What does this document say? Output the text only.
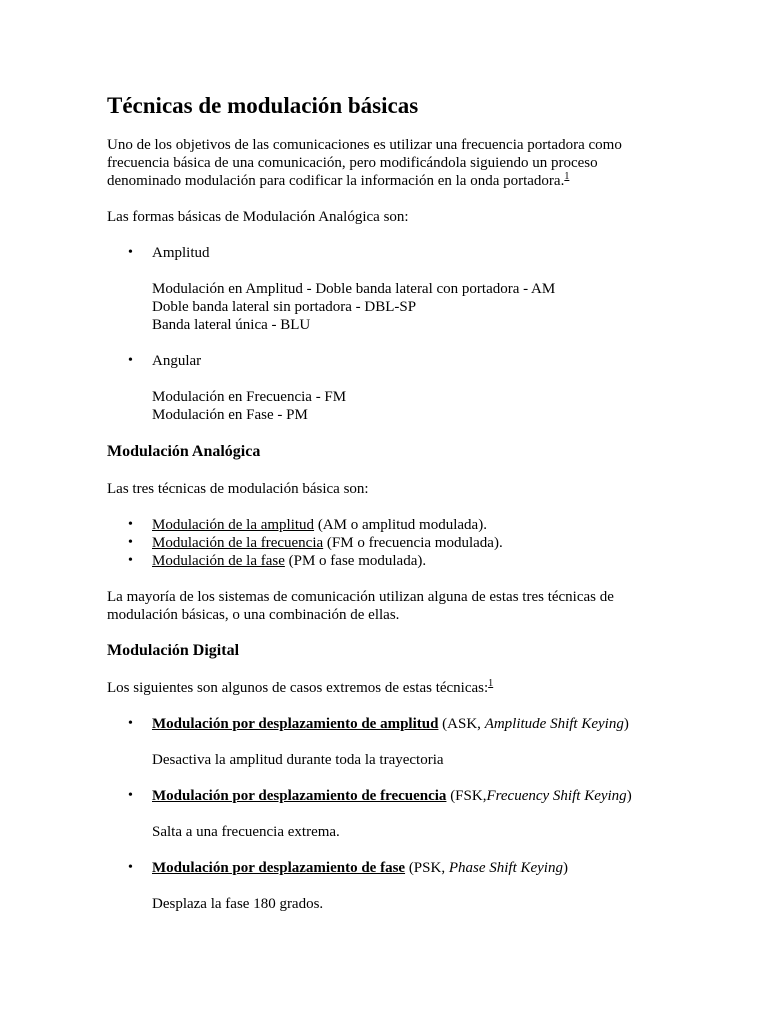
Técnicas de modulación básicas
Uno de los objetivos de las comunicaciones es utilizar una frecuencia portadora como
frecuencia básica de una comunicación, pero modificándola siguiendo un proceso
denominado modulación para codificar la información en la onda portadora.$^1$
Las formas básicas de Modulación Analógica son:
• Amplitud
Modulación en Amplitud - Doble banda lateral con portadora - AM
Doble banda lateral sin portadora - DBL-SP
Banda lateral única - BLU
• Angular
Modulación en Frecuencia - FM
Modulación en Fase - PM
Modulación Analógica
Las tres técnicas de modulación básica son:
• Modulación de la amplitud (AM o amplitud modulada).
• Modulación de la frecuencia (FM o frecuencia modulada).
• Modulación de la fase (PM o fase modulada).
La mayoría de los sistemas de comunicación utilizan alguna de estas tres técnicas de
modulación básicas, o una combinación de ellas.
Modulación Digital
Los siguientes son algunos de casos extremos de estas técnicas:$^1$
• Modulación por desplazamiento de amplitud (ASK, Amplitude Shift Keying)
Desactiva la amplitud durante toda la trayectoria
• Modulación por desplazamiento de frecuencia (FSK,Frecuency Shift Keying)
Salta a una frecuencia extrema.
• Modulación por desplazamiento de fase (PSK, Phase Shift Keying)
Desplaza la fase 180 grados.
